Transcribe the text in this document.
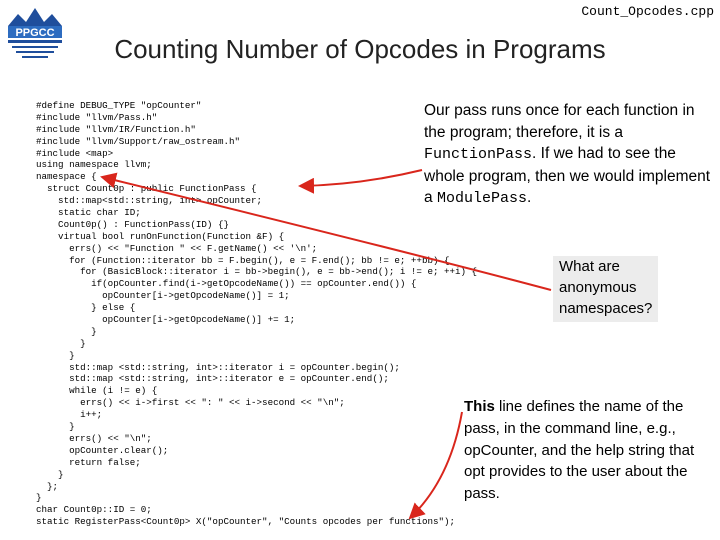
PPGCC
Count_Opcodes.cpp
Counting Number of Opcodes in Programs
#define DEBUG_TYPE "opCounter"
#include "llvm/Pass.h"
#include "llvm/IR/Function.h"
#include "llvm/Support/raw_ostream.h"
#include <map>
using namespace llvm;
namespace {
struct Count0p : public FunctionPass {
std::map<std::string, int> opCounter;
static char ID;
Count0p() : FunctionPass(ID) {}
virtual bool runOnFunction(Function &F) {
errs() << "Function " << F.getName() << '\n';
for (Function::iterator bb = F.begin(), e = F.end(); bb != e; ++bb) {
for (BasicBlock::iterator i = bb->begin(), e = bb->end(); i != e; ++i) {
if(opCounter.find(i->getOpcodeName()) == opCounter.end()) {
opCounter[i->getOpcodeName()] = 1;
} else {
opCounter[i->getOpcodeName()] += 1;
}
}
}
std::map <std::string, int>::iterator i = opCounter.begin();
std::map <std::string, int>::iterator e = opCounter.end();
while (i != e) {
errs() << i->first << ": " << i->second << "\n";
i++;
}
errs() << "\n";
opCounter.clear();
return false;
}
};
}
char Count0p::ID = 0;
static RegisterPass<Count0p> X("opCounter", "Counts opcodes per functions");
Our pass runs once for each function in the program; therefore, it is a FunctionPass. If we had to see the whole program, then we would implement a ModulePass.
What are anonymous namespaces?
This line defines the name of the pass, in the command line, e.g., opCounter, and the help string that opt provides to the user about the pass.
